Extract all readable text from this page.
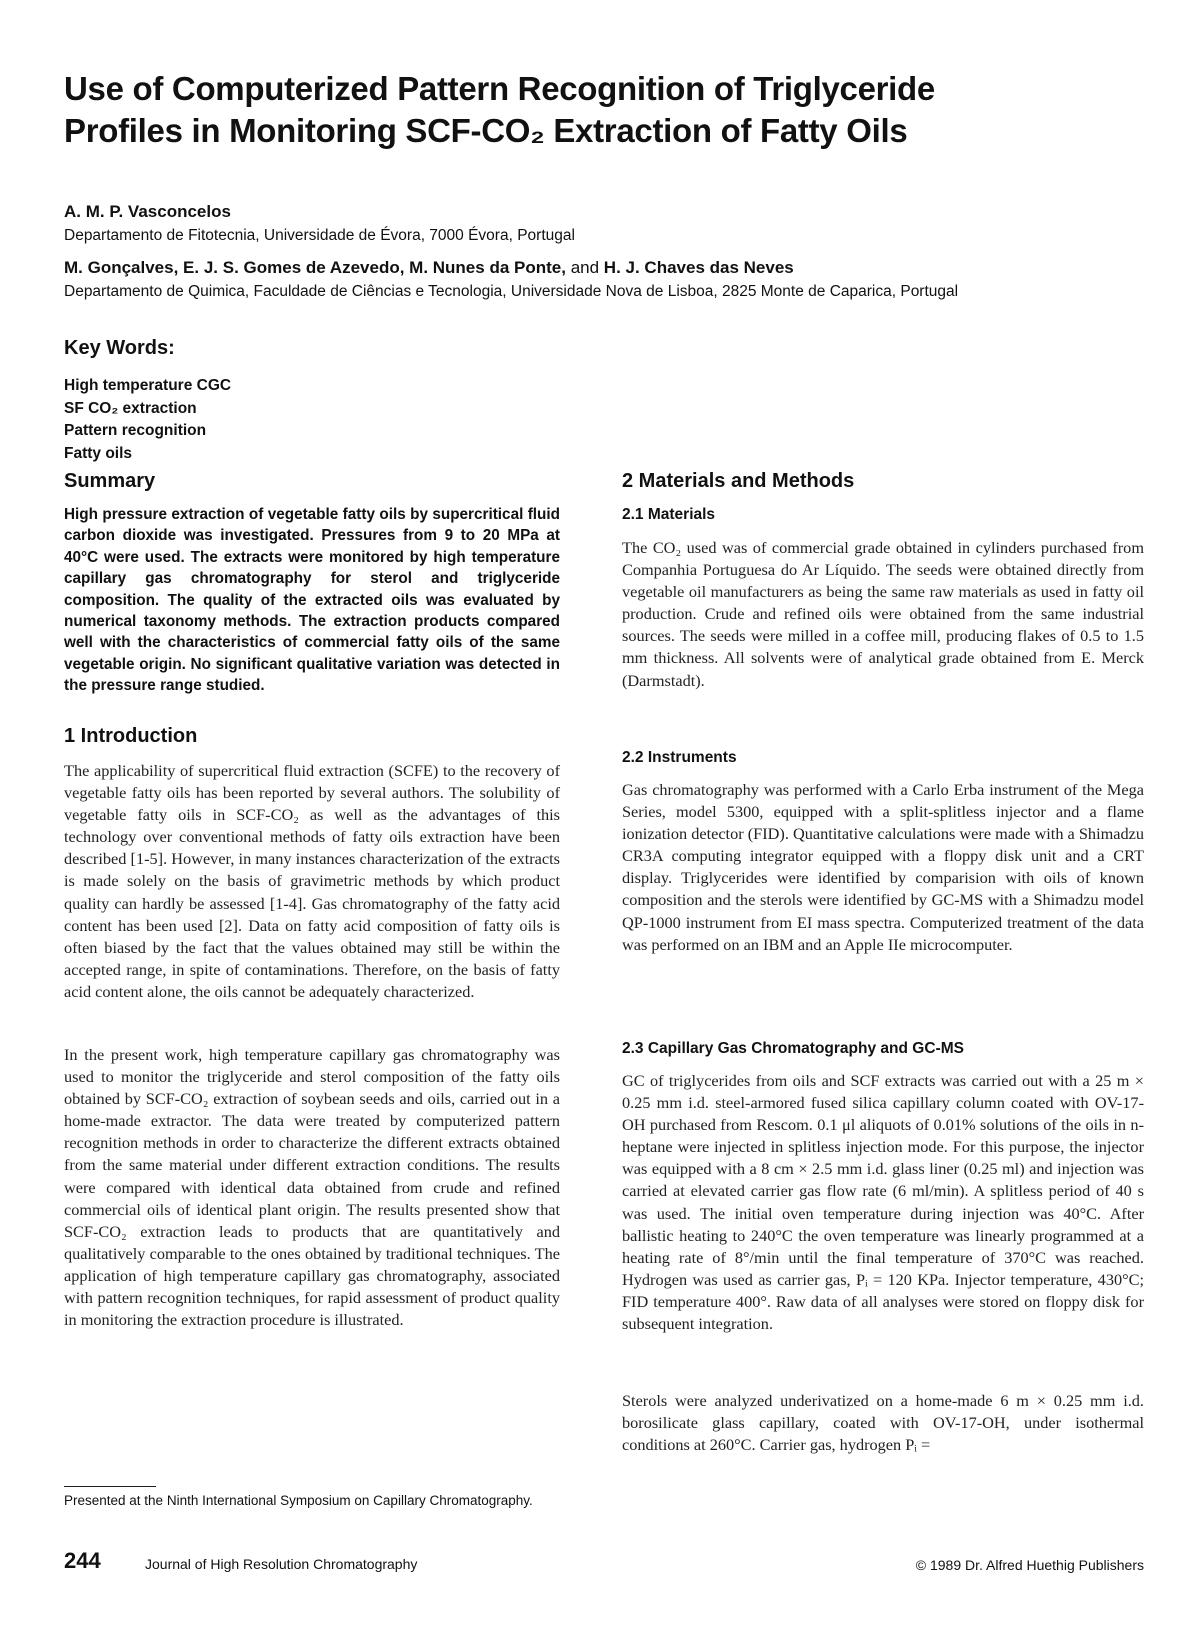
Use of Computerized Pattern Recognition of Triglyceride
Profiles in Monitoring SCF-CO₂ Extraction of Fatty Oils
A. M. P. Vasconcelos
Departamento de Fitotecnia, Universidade de Évora, 7000 Évora, Portugal
M. Gonçalves, E. J. S. Gomes de Azevedo, M. Nunes da Ponte, and H. J. Chaves das Neves
Departamento de Quimica, Faculdade de Ciências e Tecnologia, Universidade Nova de Lisboa, 2825 Monte de Caparica, Portugal
Key Words:
High temperature CGC
SF CO₂ extraction
Pattern recognition
Fatty oils
Summary
High pressure extraction of vegetable fatty oils by supercritical fluid carbon dioxide was investigated. Pressures from 9 to 20 MPa at 40°C were used. The extracts were monitored by high temperature capillary gas chromatography for sterol and triglyceride composition. The quality of the extracted oils was evaluated by numerical taxonomy methods. The extraction products compared well with the characteristics of commercial fatty oils of the same vegetable origin. No significant qualitative variation was detected in the pressure range studied.
1 Introduction

The applicability of supercritical fluid extraction (SCFE) to the recovery of vegetable fatty oils has been reported by several authors. The solubility of vegetable fatty oils in SCF-CO₂ as well as the advantages of this technology over conventional methods of fatty oils extraction have been described [1-5]. However, in many instances characterization of the extracts is made solely on the basis of gravimetric methods by which product quality can hardly be assessed [1-4]. Gas chromatography of the fatty acid content has been used [2]. Data on fatty acid composition of fatty oils is often biased by the fact that the values obtained may still be within the accepted range, in spite of contaminations. Therefore, on the basis of fatty acid content alone, the oils cannot be adequately characterized.

In the present work, high temperature capillary gas chromatography was used to monitor the triglyceride and sterol composition of the fatty oils obtained by SCF-CO₂ extraction of soybean seeds and oils, carried out in a home-made extractor. The data were treated by computerized pattern recognition methods in order to characterize the different extracts obtained from the same material under different extraction conditions. The results were compared with identical data obtained from crude and refined commercial oils of identical plant origin. The results presented show that SCF-CO₂ extraction leads to products that are quantitatively and qualitatively comparable to the ones obtained by traditional techniques. The application of high temperature capillary gas chromatography, associated with pattern recognition techniques, for rapid assessment of product quality in monitoring the extraction procedure is illustrated.

Presented at the Ninth International Symposium on Capillary Chromatography.
2 Materials and Methods
2.1 Materials

The CO₂ used was of commercial grade obtained in cylinders purchased from Companhia Portuguesa do Ar Líquido. The seeds were obtained directly from vegetable oil manufacturers as being the same raw materials as used in fatty oil production. Crude and refined oils were obtained from the same industrial sources. The seeds were milled in a coffee mill, producing flakes of 0.5 to 1.5 mm thickness. All solvents were of analytical grade obtained from E. Merck (Darmstadt).

2.2 Instruments

Gas chromatography was performed with a Carlo Erba instrument of the Mega Series, model 5300, equipped with a split-splitless injector and a flame ionization detector (FID). Quantitative calculations were made with a Shimadzu CR3A computing integrator equipped with a floppy disk unit and a CRT display. Triglycerides were identified by comparision with oils of known composition and the sterols were identified by GC-MS with a Shimadzu model QP-1000 instrument from EI mass spectra. Computerized treatment of the data was performed on an IBM and an Apple IIe microcomputer.

2.3 Capillary Gas Chromatography and GC-MS

GC of triglycerides from oils and SCF extracts was carried out with a 25 m × 0.25 mm i.d. steel-armored fused silica capillary column coated with OV-17-OH purchased from Rescom. 0.1 μl aliquots of 0.01% solutions of the oils in n-heptane were injected in splitless injection mode. For this purpose, the injector was equipped with a 8 cm × 2.5 mm i.d. glass liner (0.25 ml) and injection was carried at elevated carrier gas flow rate (6 ml/min). A splitless period of 40 s was used. The initial oven temperature during injection was 40°C. After ballistic heating to 240°C the oven temperature was linearly programmed at a heating rate of 8°/min until the final temperature of 370°C was reached. Hydrogen was used as carrier gas, Pᵢ = 120 KPa. Injector temperature, 430°C; FID temperature 400°. Raw data of all analyses were stored on floppy disk for subsequent integration.

Sterols were analyzed underivatized on a home-made 6 m × 0.25 mm i.d. borosilicate glass capillary, coated with OV-17-OH, under isothermal conditions at 260°C. Carrier gas, hydrogen Pᵢ =

244	Journal of High Resolution Chromatography	© 1989 Dr. Alfred Huethig Publishers
